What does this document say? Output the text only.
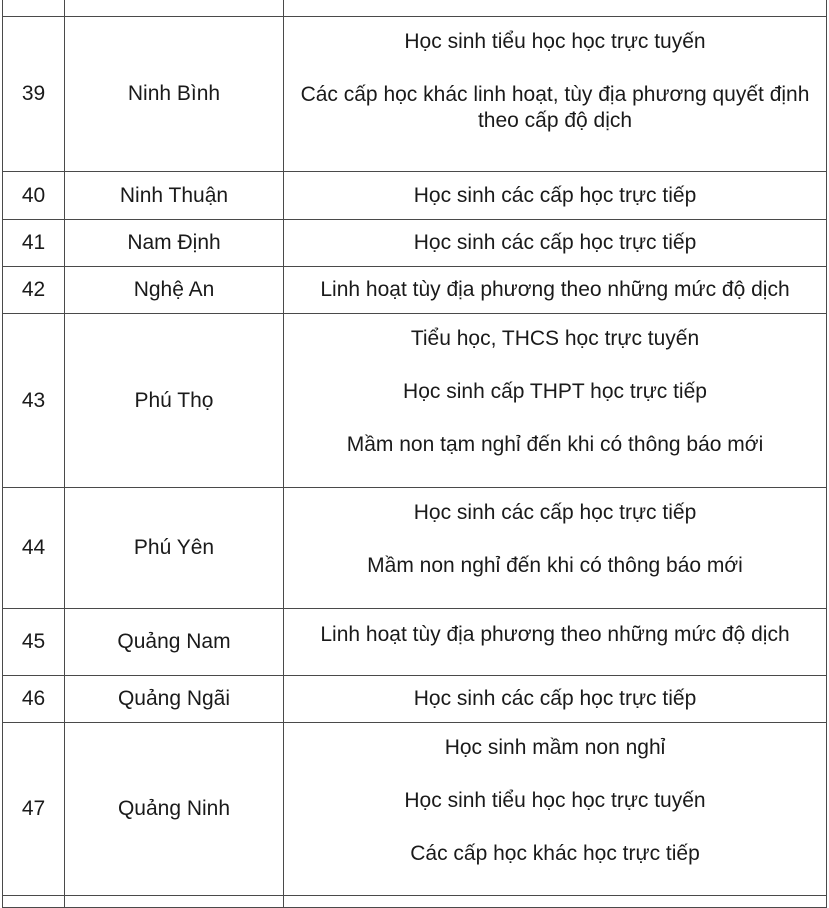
39	Ninh Bình	Học sinh tiểu học học trực tuyến

Các cấp học khác linh hoạt, tùy địa phương quyết định theo cấp độ dịch

40	Ninh Thuận	Học sinh các cấp học trực tiếp

41	Nam Định	Học sinh các cấp học trực tiếp

42	Nghệ An	Linh hoạt tùy địa phương theo những mức độ dịch

43	Phú Thọ	Tiểu học, THCS học trực tuyến

Học sinh cấp THPT học trực tiếp

Mầm non tạm nghỉ đến khi có thông báo mới

44	Phú Yên	Học sinh các cấp học trực tiếp

Mầm non nghỉ đến khi có thông báo mới

45	Quảng Nam	Linh hoạt tùy địa phương theo những mức độ dịch

46	Quảng Ngãi	Học sinh các cấp học trực tiếp

47	Quảng Ninh	Học sinh mầm non nghỉ

Học sinh tiểu học học trực tuyến

Các cấp học khác học trực tiếp
